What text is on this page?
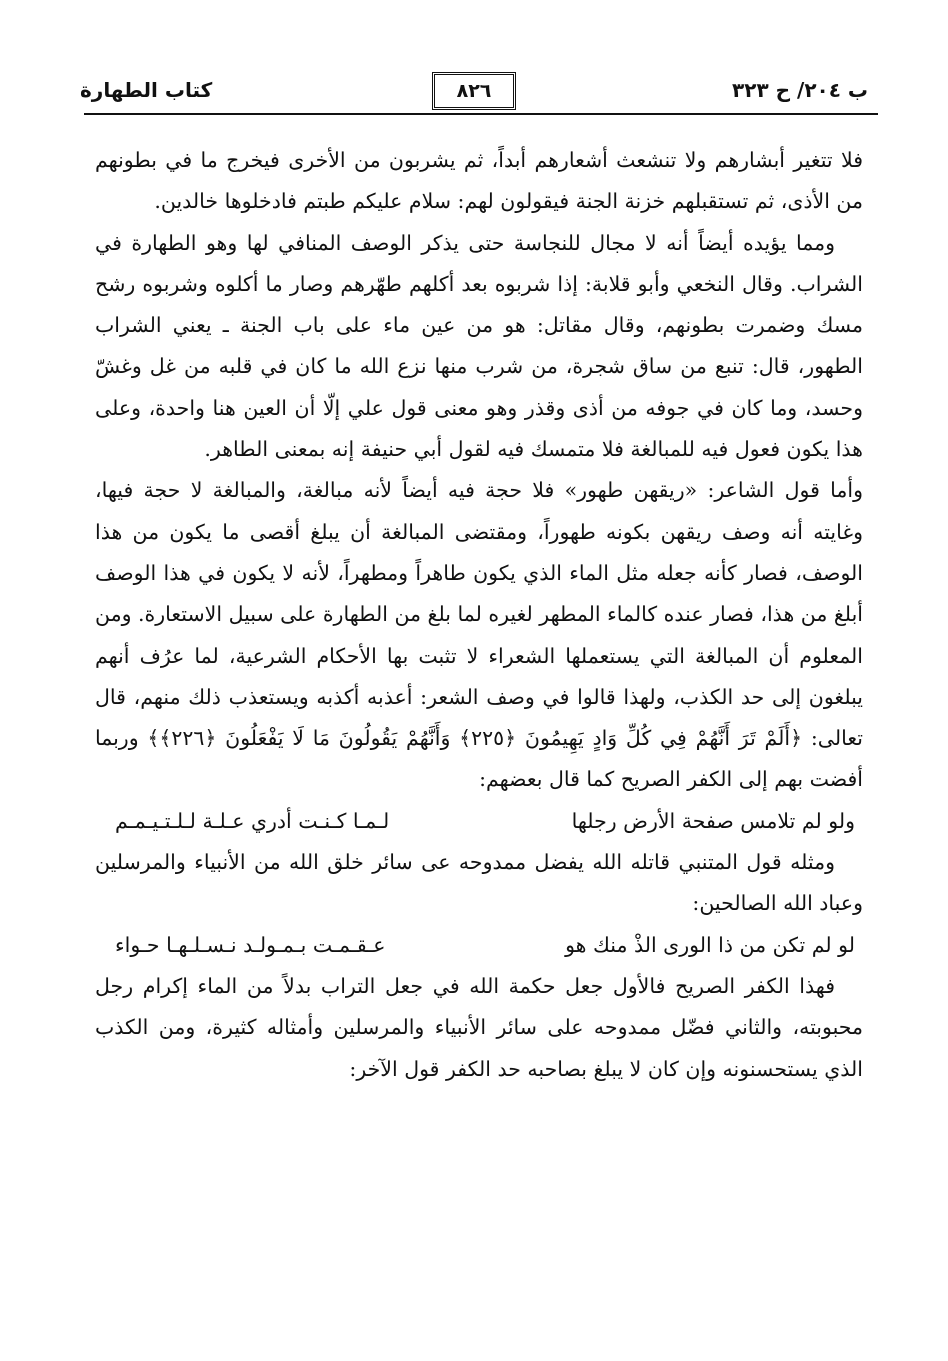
ب ٢٠٤/ ح ٣٢٣
٨٢٦
كتاب الطهارة

فلا تتغير أبشارهم ولا تنشعث أشعارهم أبداً، ثم يشربون من الأخرى فيخرج ما في بطونهم من الأذى، ثم تستقبلهم خزنة الجنة فيقولون لهم: سلام عليكم طبتم فادخلوها خالدين.

ومما يؤيده أيضاً أنه لا مجال للنجاسة حتى يذكر الوصف المنافي لها وهو الطهارة في الشراب. وقال النخعي وأبو قلابة: إذا شربوه بعد أكلهم طهّرهم وصار ما أكلوه وشربوه رشح مسك وضمرت بطونهم، وقال مقاتل: هو من عين ماء على باب الجنة ـ يعني الشراب الطهور، قال: تنبع من ساق شجرة، من شرب منها نزع الله ما كان في قلبه من غل وغشّ وحسد، وما كان في جوفه من أذى وقذر وهو معنى قول علي إلّا أن العين هنا واحدة، وعلى هذا يكون فعول فيه للمبالغة فلا متمسك فيه لقول أبي حنيفة إنه بمعنى الطاهر.

وأما قول الشاعر: «ريقهن طهور» فلا حجة فيه أيضاً لأنه مبالغة، والمبالغة لا حجة فيها، وغايته أنه وصف ريقهن بكونه طهوراً، ومقتضى المبالغة أن يبلغ أقصى ما يكون من هذا الوصف، فصار كأنه جعله مثل الماء الذي يكون طاهراً ومطهراً، لأنه لا يكون في هذا الوصف أبلغ من هذا، فصار عنده كالماء المطهر لغيره لما بلغ من الطهارة على سبيل الاستعارة. ومن المعلوم أن المبالغة التي يستعملها الشعراء لا تثبت بها الأحكام الشرعية، لما عرُف أنهم يبلغون إلى حد الكذب، ولهذا قالوا في وصف الشعر: أعذبه أكذبه ويستعذب ذلك منهم، قال تعالى: ﴿أَلَمْ تَرَ أَنَّهُمْ فِي كُلِّ وَادٍ يَهِيمُونَ ﴿٢٢٥﴾ وَأَنَّهُمْ يَقُولُونَ مَا لَا يَفْعَلُونَ ﴿٢٢٦﴾﴾ وربما أفضت بهم إلى الكفر الصريح كما قال بعضهم:

ولو لم تلامس صفحة الأرض رجلها
لـمـا كـنـت أدري عـلـة لـلـتـيـمـم

ومثله قول المتنبي قاتله الله يفضل ممدوحه عى سائر خلق الله من الأنبياء والمرسلين وعباد الله الصالحين:

لو لم تكن من ذا الورى الذْ منك هو
عـقـمـت بـمـولـد نـسـلـهـا حـواء

فهذا الكفر الصريح فالأول جعل حكمة الله في جعل التراب بدلاً من الماء إكرام رجل محبوبته، والثاني فضّل ممدوحه على سائر الأنبياء والمرسلين وأمثاله كثيرة، ومن الكذب الذي يستحسنونه وإن كان لا يبلغ بصاحبه حد الكفر قول الآخر:
